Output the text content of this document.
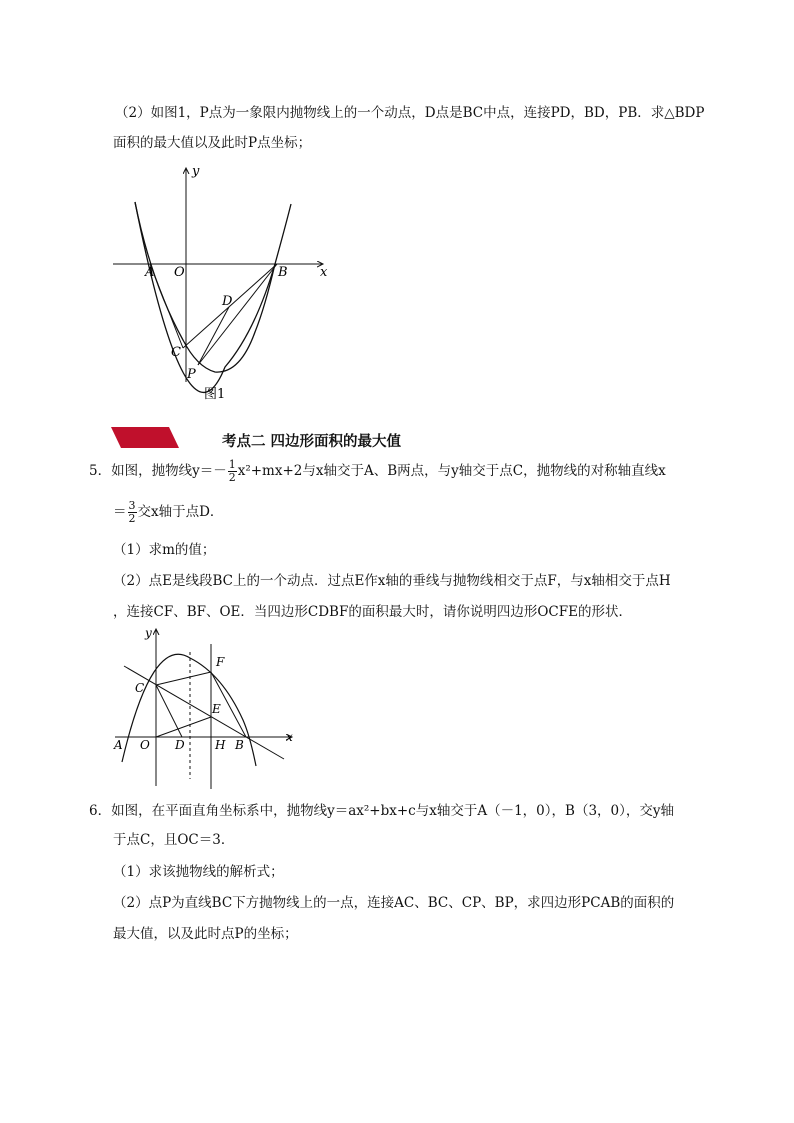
（2）如图1，P点为一象限内抛物线上的一个动点，D点是BC中点，连接PD，BD，PB．求△BDP
面积的最大值以及此时P点坐标；
y
A O	B x
D
C
P
图1
考点二 四边形面积的最大值
5．如图，抛物线$y=- \frac{1}{2} x^2+mx+2$与x轴交于A、B两点，与y轴交于点C，抛物线的对称轴直线x
＝ $\frac{3}{2}$ 交x轴于点D．
（1）求m的值；
（2）点E是线段BC上的一个动点．过点E作x轴的垂线与抛物线相交于点F，与x轴相交于点H
，连接CF、BF、OE．当四边形CDBF的面积最大时，请你说明四边形OCFE的形状．
y
F
C
E
A O D	H B
x
6．如图，在平面直角坐标系中，抛物线y＝ax²+bx+c与x轴交于A（－1，0），B（3，0），交y轴
于点C，且OC＝3．
（1）求该抛物线的解析式；
（2）点P为直线BC下方抛物线上的一点，连接AC、BC、CP、BP，求四边形PCAB的面积的
最大值，以及此时点P的坐标；
